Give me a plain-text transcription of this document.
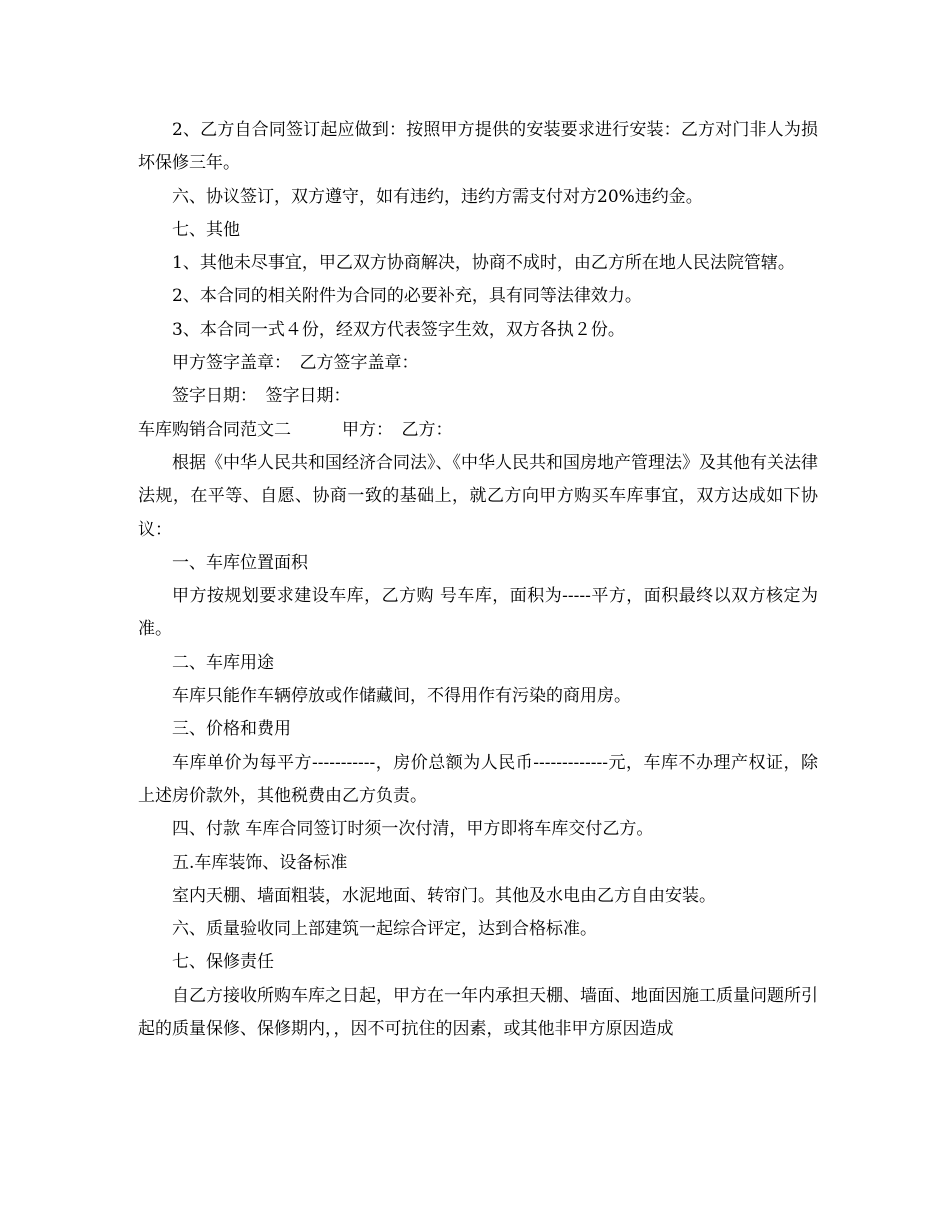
2、乙方自合同签订起应做到：按照甲方提供的安装要求进行安装：乙方对门非人为损坏保修三年。

六、协议签订，双方遵守，如有违约，违约方需支付对方20%违约金。

七、其他

1、其他未尽事宜，甲乙双方协商解决，协商不成时，由乙方所在地人民法院管辖。

2、本合同的相关附件为合同的必要补充，具有同等法律效力。

3、本合同一式４份，经双方代表签字生效，双方各执２份。

甲方签字盖章：　乙方签字盖章：

签字日期：　签字日期：

车库购销合同范文二　　　甲方：　乙方：

根据《中华人民共和国经济合同法》、《中华人民共和国房地产管理法》及其他有关法律法规，在平等、自愿、协商一致的基础上，就乙方向甲方购买车库事宜，双方达成如下协议：

一、车库位置面积

甲方按规划要求建设车库，乙方购 号车库，面积为-----平方，面积最终以双方核定为准。

二、车库用途

车库只能作车辆停放或作储藏间，不得用作有污染的商用房。

三、价格和费用

车库单价为每平方-----------，房价总额为人民币-------------元，车库不办理产权证，除上述房价款外，其他税费由乙方负责。

四、付款 车库合同签订时须一次付清，甲方即将车库交付乙方。

五.车库装饰、设备标准

室内天棚、墙面粗装，水泥地面、转帘门。其他及水电由乙方自由安装。

六、质量验收同上部建筑一起综合评定，达到合格标准。

七、保修责任

自乙方接收所购车库之日起，甲方在一年内承担天棚、墙面、地面因施工质量问题所引起的质量保修、保修期内，，因不可抗住的因素，或其他非甲方原因造成
